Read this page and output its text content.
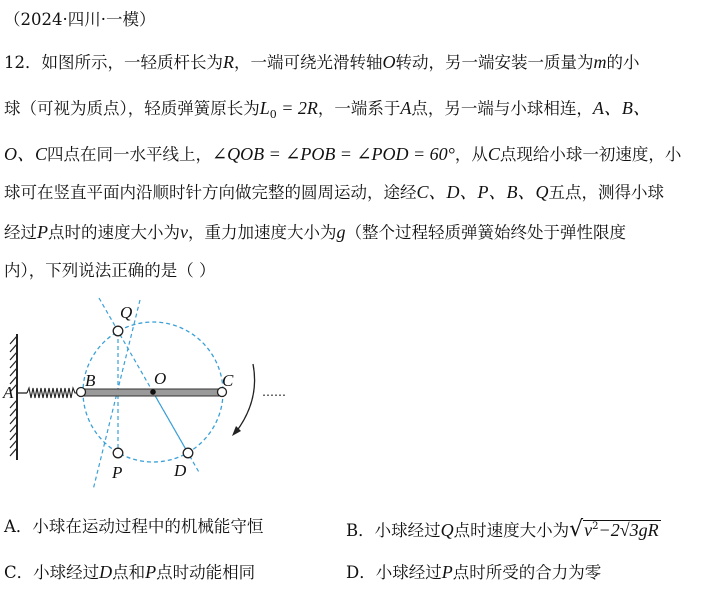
（2024·四川·一模）
12．如图所示，一轻质杆长为R，一端可绕光滑转轴O转动，另一端安装一质量为m的小
球（可视为质点），轻质弹簧原长为$L_0 = 2R$，一端系于A点，另一端与小球相连，A、B、
O、C四点在同一水平线上，∠QOB = ∠POB = ∠POD = 60°，从C点现给小球一初速度，小
球可在竖直平面内沿顺时针方向做完整的圆周运动，途经C、D、P、B、Q五点，测得小球
经过P点时的速度大小为v，重力加速度大小为g（整个过程轻质弹簧始终处于弹性限度
内），下列说法正确的是（ ）
A
B	O	C
Q
P	D
……
A．小球在运动过程中的机械能守恒	B．小球经过Q点时速度大小为$√v^2-2√3gR$
C．小球经过D点和P点时动能相同	D．小球经过P点时所受的合力为零
